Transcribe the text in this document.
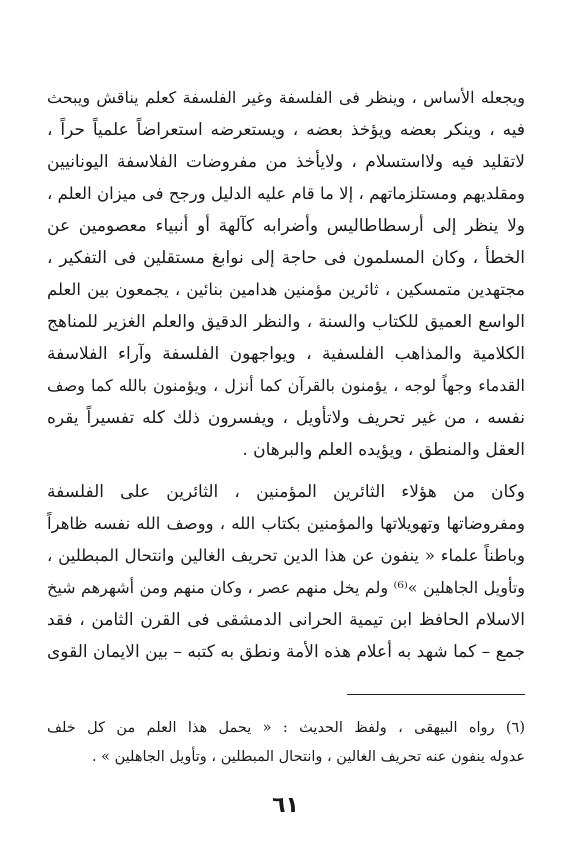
ويجعله الأساس ، وينظر فى الفلسفة وغير الفلسفة كعلم يناقش ويبحث
فيه ، وينكر بعضه ويؤخذ بعضه ، ويستعرضه استعراضاً علمياً حراً ،
لاتقليد فيه ولااستسلام ، ولايأخذ من مفروضات الفلاسفة اليونانيين
ومقلديهم ومستلزماتهم ، إلا ما قام عليه الدليل ورجح فى ميزان العلم ،
ولا ينظر إلى أرسطاطاليس وأضرابه كآلهة أو أنبياء معصومين عن
الخطأ ، وكان المسلمون فى حاجة إلى نوابغ مستقلين فى التفكير ،
مجتهدين متمسكين ، ثائرين مؤمنين هدامين بنائين ، يجمعون بين العلم
الواسع العميق للكتاب والسنة ، والنظر الدقيق والعلم الغزير للمناهج
الكلامية والمذاهب الفلسفية ، ويواجهون الفلسفة وآراء الفلاسفة
القدماء وجهاً لوجه ، يؤمنون بالقرآن كما أنزل ، ويؤمنون بالله كما وصف
نفسه ، من غير تحريف ولاتأويل ، ويفسرون ذلك كله تفسيراً يقره
العقل والمنطق ، ويؤيده العلم والبرهان .
وكان من هؤلاء الثائرين المؤمنين ، الثائرين على الفلسفة
ومفروضاتها وتهويلاتها والمؤمنين بكتاب الله ، ووصف الله نفسه ظاهراً
وباطناً علماء « ينفون عن هذا الدين تحريف الغالين وانتحال المبطلين ،
وتأويل الجاهلين »⁽⁶⁾ ولم يخل منهم عصر ، وكان منهم ومن أشهرهم شيخ
الاسلام الحافظ ابن تيمية الحرانى الدمشقى فى القرن الثامن ، فقد
جمع – كما شهد به أعلام هذه الأمة ونطق به كتبه – بين الايمان القوى
(٦) رواه البيهقى ، ولفظ الحديث : « يحمل هذا العلم من كل خلف
عدوله ينفون عنه تحريف الغالين ، وانتحال المبطلين ، وتأويل الجاهلين » .
٦١
